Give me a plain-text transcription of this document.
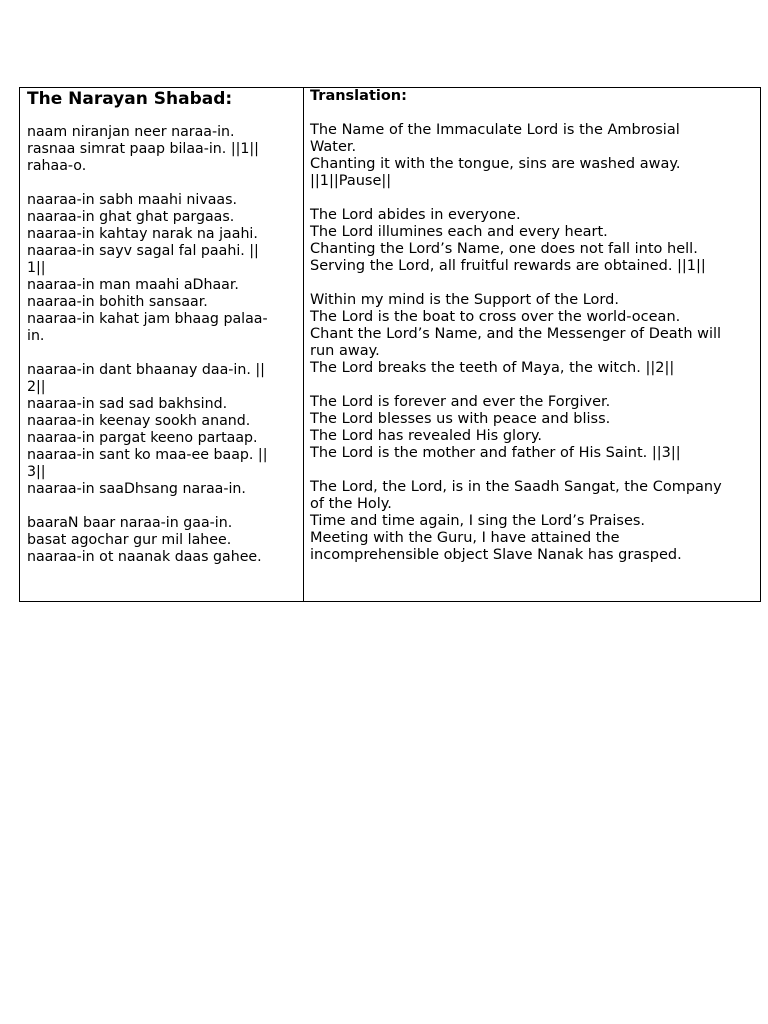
The Narayan Shabad:
naam niranjan neer naraa-in.
rasnaa simrat paap bilaa-in. ||1||
rahaa-o.
naaraa-in sabh maahi nivaas.
naaraa-in ghat ghat pargaas.
naaraa-in kahtay narak na jaahi.
naaraa-in sayv sagal fal paahi. ||
1||
naaraa-in man maahi aDhaar.
naaraa-in bohith sansaar.
naaraa-in kahat jam bhaag palaa-
in.
naaraa-in dant bhaanay daa-in. ||
2||
naaraa-in sad sad bakhsind.
naaraa-in keenay sookh anand.
naaraa-in pargat keeno partaap.
naaraa-in sant ko maa-ee baap. ||
3||
naaraa-in saaDhsang naraa-in.
baaraN baar naraa-in gaa-in.
basat agochar gur mil lahee.
naaraa-in ot naanak daas gahee.
Translation:
The Name of the Immaculate Lord is the Ambrosial
Water.
Chanting it with the tongue, sins are washed away.
||1||Pause||
The Lord abides in everyone.
The Lord illumines each and every heart.
Chanting the Lord’s Name, one does not fall into hell.
Serving the Lord, all fruitful rewards are obtained. ||1||
Within my mind is the Support of the Lord.
The Lord is the boat to cross over the world-ocean.
Chant the Lord’s Name, and the Messenger of Death will
run away.
The Lord breaks the teeth of Maya, the witch. ||2||
The Lord is forever and ever the Forgiver.
The Lord blesses us with peace and bliss.
The Lord has revealed His glory.
The Lord is the mother and father of His Saint. ||3||
The Lord, the Lord, is in the Saadh Sangat, the Company
of the Holy.
Time and time again, I sing the Lord’s Praises.
Meeting with the Guru, I have attained the
incomprehensible object Slave Nanak has grasped.
